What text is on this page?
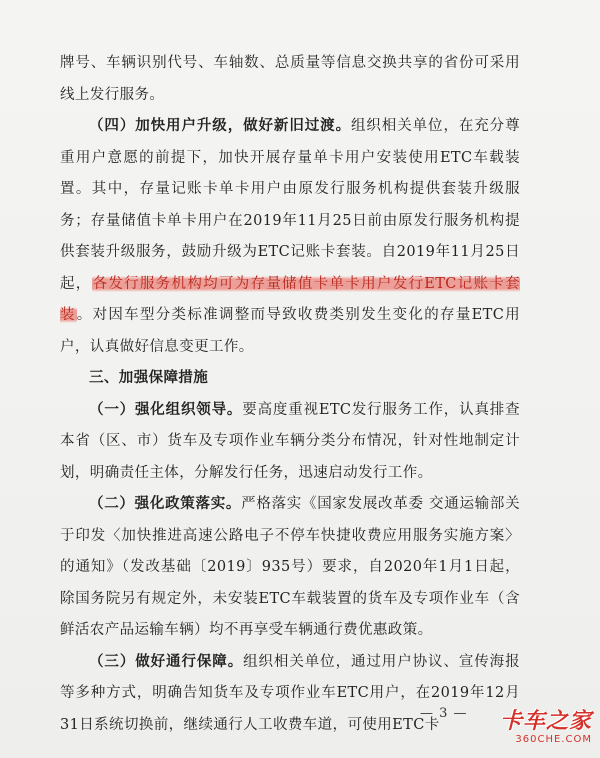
牌号、车辆识别代号、车轴数、总质量等信息交换共享的省份可采用线上发行服务。

（四）加快用户升级，做好新旧过渡。组织相关单位，在充分尊重用户意愿的前提下，加快开展存量单卡用户安装使用ETC车载装置。其中，存量记账卡单卡用户由原发行服务机构提供套装升级服务；存量储值卡单卡用户在2019年11月25日前由原发行服务机构提供套装升级服务，鼓励升级为ETC记账卡套装。自2019年11月25日起，各发行服务机构均可为存量储值卡单卡用户发行ETC记账卡套装。对因车型分类标准调整而导致收费类别发生变化的存量ETC用户，认真做好信息变更工作。

三、加强保障措施

（一）强化组织领导。要高度重视ETC发行服务工作，认真排查本省（区、市）货车及专项作业车辆分类分布情况，针对性地制定计划，明确责任主体，分解发行任务，迅速启动发行工作。

（二）强化政策落实。严格落实《国家发展改革委 交通运输部关于印发〈加快推进高速公路电子不停车快捷收费应用服务实施方案〉的通知》（发改基础〔2019〕935号）要求，自2020年1月1日起，除国务院另有规定外，未安装ETC车载装置的货车及专项作业车（含鲜活农产品运输车辆）均不再享受车辆通行费优惠政策。

（三）做好通行保障。组织相关单位，通过用户协议、宣传海报等多种方式，明确告知货车及专项作业车ETC用户，在2019年12月31日系统切换前，继续通行人工收费车道，可使用ETC卡

— 3 — 卡车之家
360CHE.COM
